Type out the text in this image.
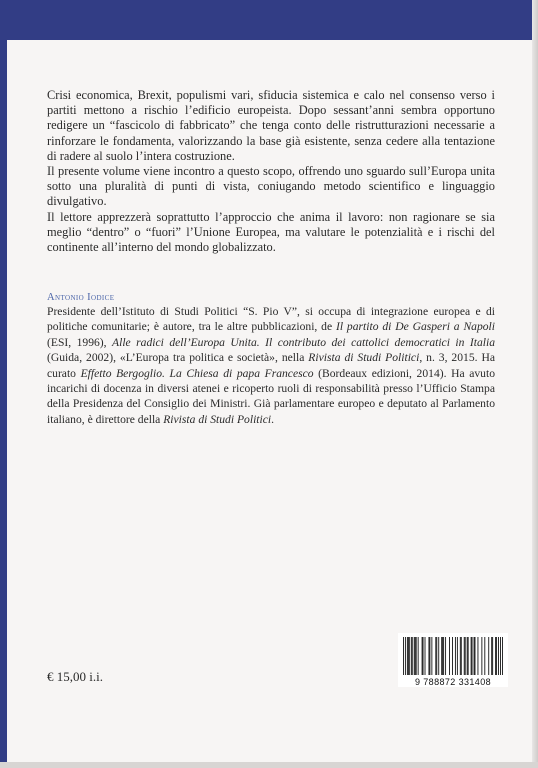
Crisi economica, Brexit, populismi vari, sfiducia sistemica e calo nel consenso verso i partiti mettono a rischio l’edificio europeista. Dopo sessant’anni sembra opportuno redigere un “fascicolo di fabbricato” che tenga conto delle ristrutturazioni necessarie a rinforzare le fondamenta, valorizzando la base già esistente, senza cedere alla tentazione di radere al suolo l’intera costruzione.

Il presente volume viene incontro a questo scopo, offrendo uno sguardo sull’Europa unita sotto una pluralità di punti di vista, coniugando metodo scientifico e linguaggio divulgativo.

Il lettore apprezzerà soprattutto l’approccio che anima il lavoro: non ragionare se sia meglio “dentro” o “fuori” l’Unione Europea, ma valutare le potenzialità e i rischi del continente all’interno del mondo globalizzato.

Antonio Iodice
Presidente dell’Istituto di Studi Politici “S. Pio V”, si occupa di integrazione europea e di politiche comunitarie; è autore, tra le altre pubblicazioni, de Il partito di De Gasperi a Napoli (ESI, 1996), Alle radici dell’Europa Unita. Il contributo dei cattolici democratici in Italia (Guida, 2002), «L’Europa tra politica e società», nella Rivista di Studi Politici, n. 3, 2015. Ha curato Effetto Bergoglio. La Chiesa di papa Francesco (Bordeaux edizioni, 2014). Ha avuto incarichi di docenza in diversi atenei e ricoperto ruoli di responsabilità presso l’Ufficio Stampa della Presidenza del Consiglio dei Ministri. Già parlamentare europeo e deputato al Parlamento italiano, è direttore della Rivista di Studi Politici.
€ 15,00 i.i.	9 788872 331408
